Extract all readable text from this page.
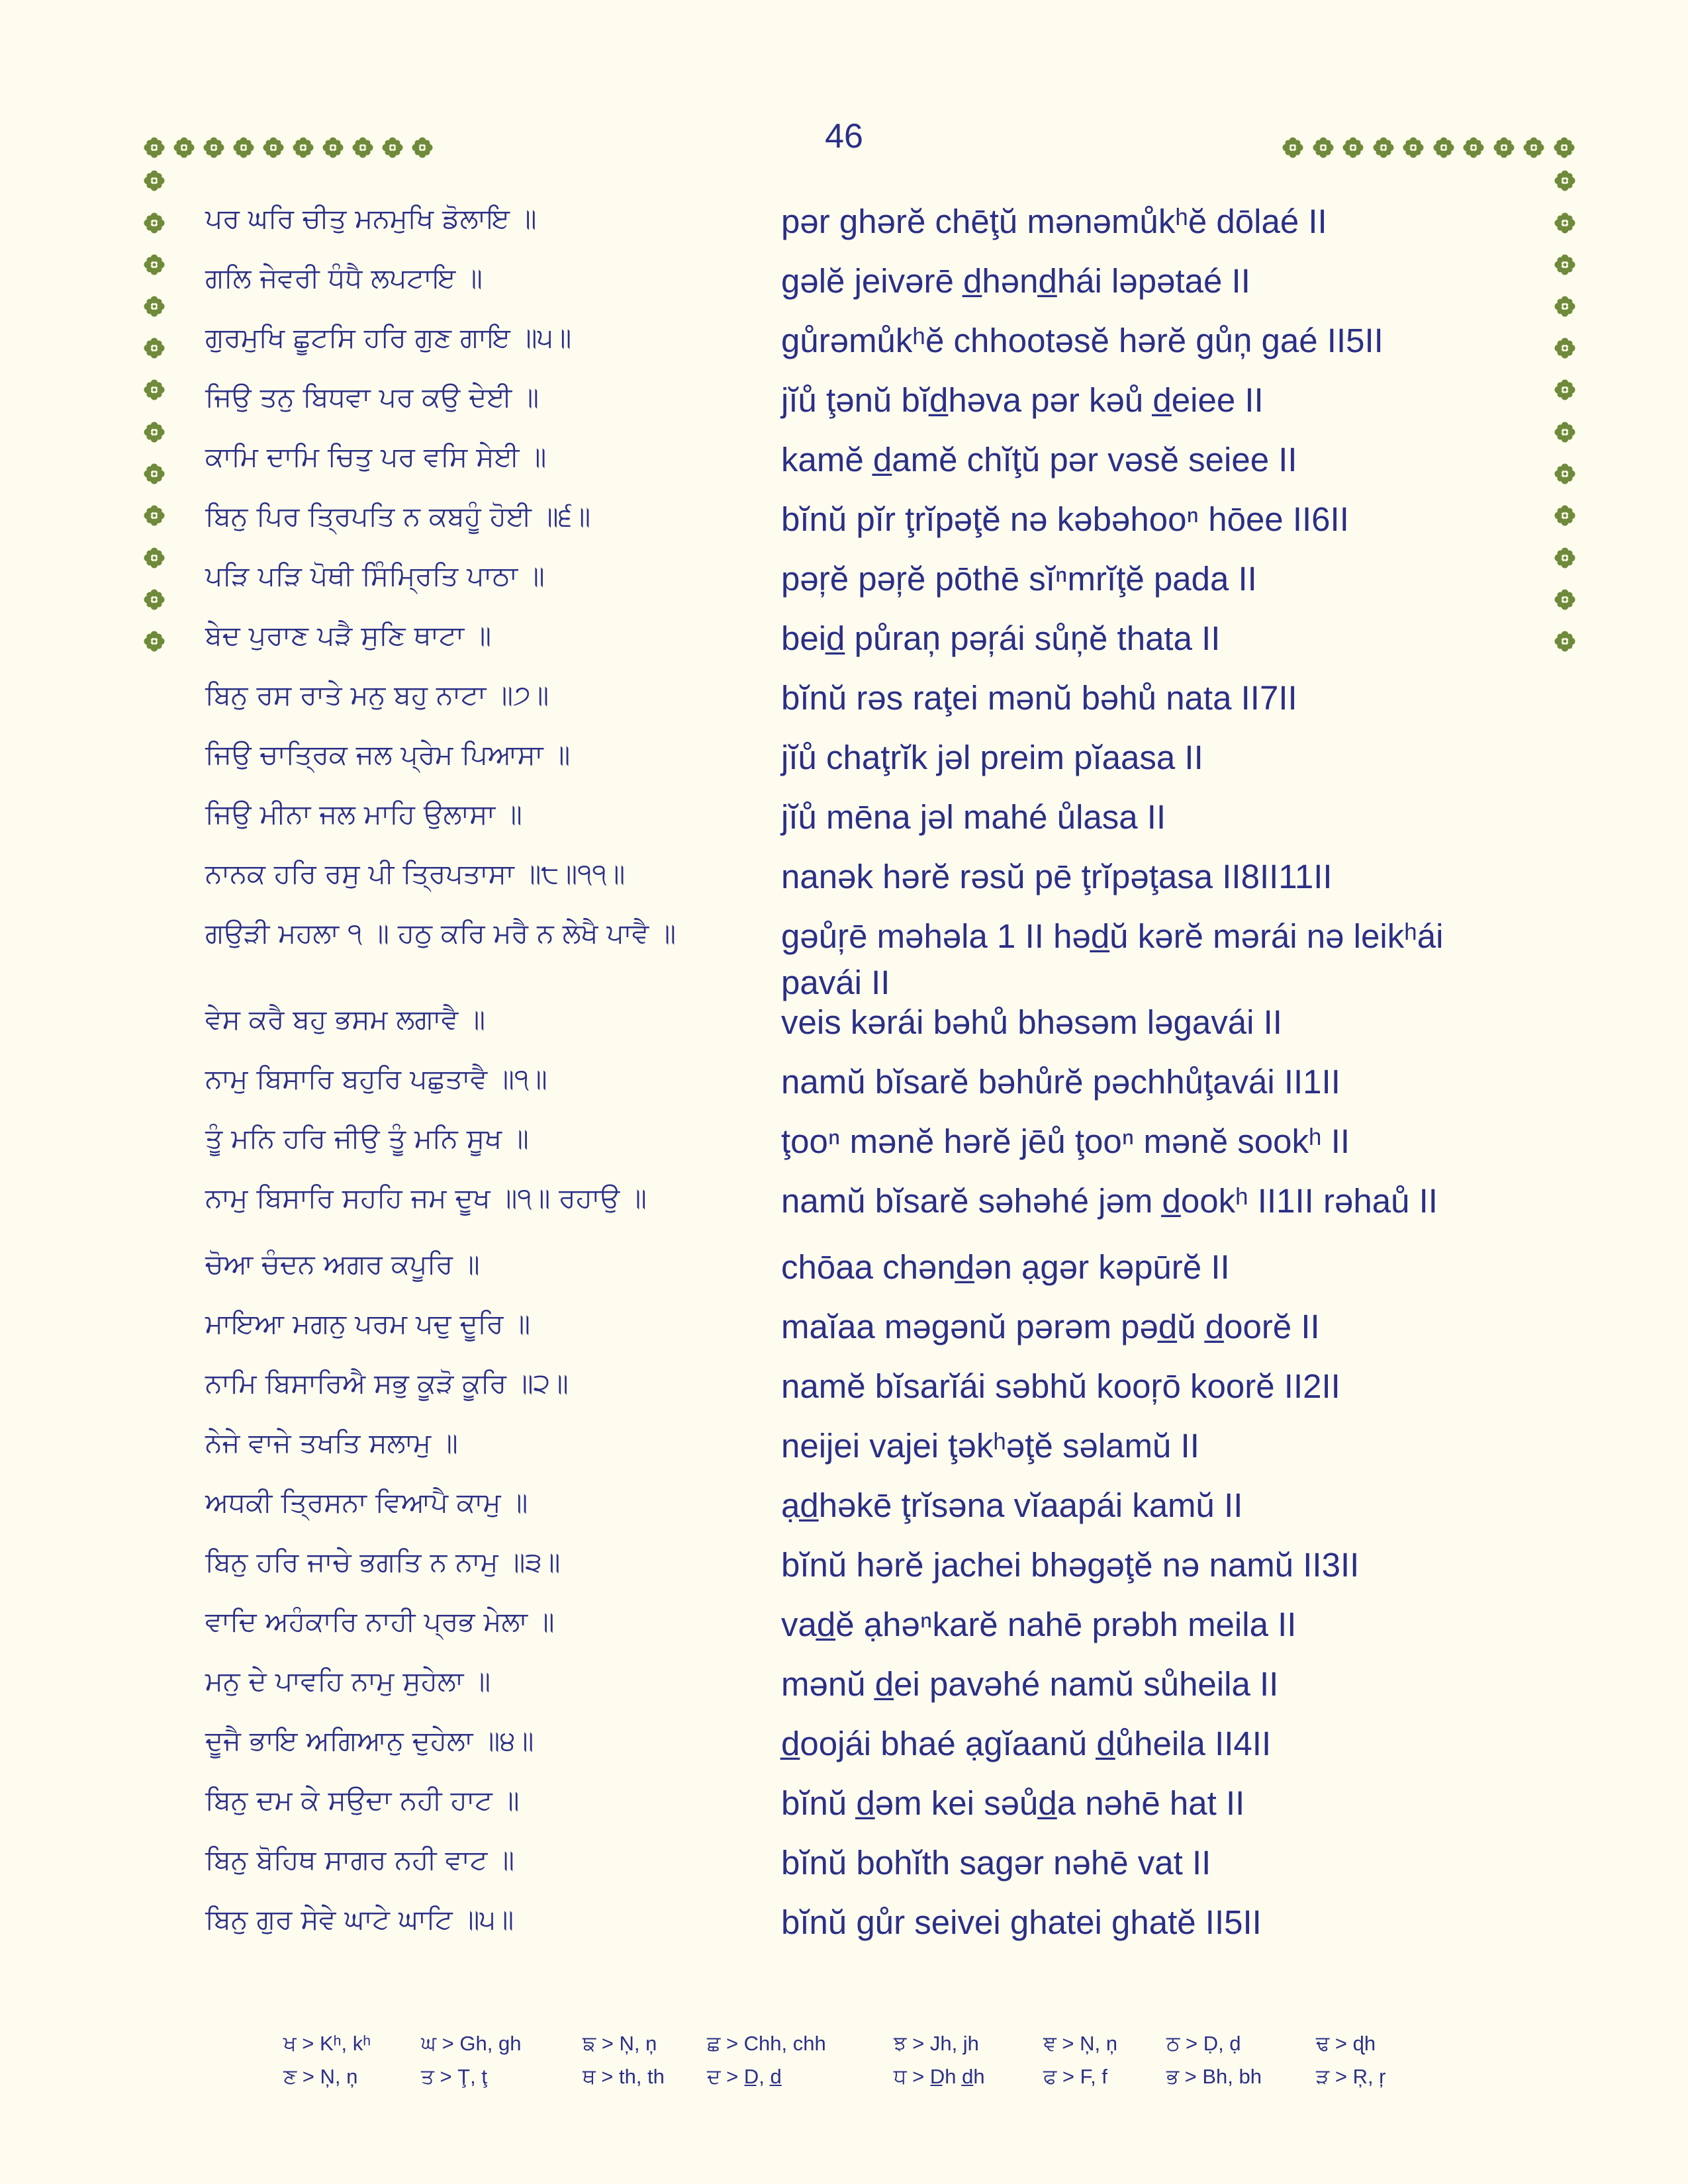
46
ਪਰ ਘਰਿ ਚੀਤੁ ਮਨਮੁਖਿ ਡੋਲਾਇ ॥	pər ghərĕ chēţŭ mənəmůkʰĕ dōlаé II
ਗਲਿ ਜੇਵਰੀ ਧੰਧੈ ਲਪਟਾਇ ॥	gəlĕ jeivərē d̲hənd̲hái ləpətаé II
ਗੁਰਮੁਖਿ ਛੂਟਸਿ ਹਰਿ ਗੁਣ ਗਾਇ ॥੫॥	gůrəmůkʰĕ chhootəsĕ hərĕ gůņ gаé II5II
ਜਿਉ ਤਨੁ ਬਿਧਵਾ ਪਰ ਕਉ ਦੇਈ ॥	jĭů ţənŭ bĭd̲həvа pər kəů d̲eiee II
ਕਾਮਿ ਦਾਮਿ ਚਿਤੁ ਪਰ ਵਸਿ ਸੇਈ ॥	kаmĕ d̲аmĕ chĭţŭ pər vəsĕ seiee II
ਬਿਨੁ ਪਿਰ ਤ੍ਰਿਪਤਿ ਨ ਕਬਹੂੰ ਹੋਈ ॥੬॥	bĭnŭ pĭr ţrĭpəţĕ nə kəbəhooⁿ hōee II6II
ਪੜਿ ਪੜਿ ਪੋਥੀ ਸਿੰਮ੍ਰਿਤਿ ਪਾਠਾ ॥	pəŗĕ pəŗĕ pōthē sĭⁿmrĭţĕ pаdа II
ਬੇਦ ਪੁਰਾਣ ਪੜੈ ਸੁਣਿ ਥਾਟਾ ॥	beid̲ půrаņ pəŗái sůņĕ thаtа II
ਬਿਨੁ ਰਸ ਰਾਤੇ ਮਨੁ ਬਹੁ ਨਾਟਾ ॥੭॥	bĭnŭ rəs rаţei mənŭ bəhů nаtа II7II
ਜਿਉ ਚਾਤ੍ਰਿਕ ਜਲ ਪ੍ਰੇਮ ਪਿਆਸਾ ॥	jĭů chаţrĭk jəl preim pĭаasа II
ਜਿਉ ਮੀਨਾ ਜਲ ਮਾਹਿ ਉਲਾਸਾ ॥	jĭů mēnа jəl mаhé ůlаsа II
ਨਾਨਕ ਹਰਿ ਰਸੁ ਪੀ ਤ੍ਰਿਪਤਾਸਾ ॥੮॥੧੧॥	nаnək hərĕ rəsŭ pē ţrĭpəţаsа II8II11II
ਗਉੜੀ ਮਹਲਾ ੧ ॥ ਹਠੁ ਕਰਿ ਮਰੈ ਨ ਲੇਖੈ ਪਾਵੈ ॥	gəůŗē məhəlа 1 II həd̲ŭ kərĕ mərái nə leikʰái pаvái II
ਵੇਸ ਕਰੈ ਬਹੁ ਭਸਮ ਲਗਾਵੈ ॥	veis kərái bəhů bhəsəm ləgаvái II
ਨਾਮੁ ਬਿਸਾਰਿ ਬਹੁਰਿ ਪਛੁਤਾਵੈ ॥੧॥	nаmŭ bĭsаrĕ bəhůrĕ pəchhůţаvái II1II
ਤੂੰ ਮਨਿ ਹਰਿ ਜੀਉ ਤੂੰ ਮਨਿ ਸੂਖ ॥	ţooⁿ mənĕ hərĕ jēů ţooⁿ mənĕ sookʰ II
ਨਾਮੁ ਬਿਸਾਰਿ ਸਹਹਿ ਜਮ ਦੂਖ ॥੧॥ ਰਹਾਉ ॥	nаmŭ bĭsаrĕ səhəhé jəm d̲ookʰ II1II rəhаů II
ਚੋਆ ਚੰਦਨ ਅਗਰ ਕਪੂਰਿ ॥	chōaa chənd̲ən ạgər kəpūrĕ II
ਮਾਇਆ ਮਗਨੁ ਪਰਮ ਪਦੁ ਦੂਰਿ ॥	mаĭaa məgənŭ pərəm pəd̲ŭ d̲oorĕ II
ਨਾਮਿ ਬਿਸਾਰਿਐ ਸਭੁ ਕੂੜੋ ਕੂਰਿ ॥੨॥	nаmĕ bĭsаrĭái səbhŭ kooŗō koorĕ II2II
ਨੇਜੇ ਵਾਜੇ ਤਖਤਿ ਸਲਾਮੁ ॥	neijei vаjei ţəkʰəţĕ səlаmŭ II
ਅਧਕੀ ਤ੍ਰਿਸਨਾ ਵਿਆਪੈ ਕਾਮੁ ॥	ạd̲həkē ţrĭsənа vĭaapái kаmŭ II
ਬਿਨੁ ਹਰਿ ਜਾਚੇ ਭਗਤਿ ਨ ਨਾਮੁ ॥੩॥	bĭnŭ hərĕ jаchei bhəgəţĕ nə nаmŭ II3II
ਵਾਦਿ ਅਹੰਕਾਰਿ ਨਾਹੀ ਪ੍ਰਭ ਮੇਲਾ ॥	vаd̲ĕ ạhəⁿkаrĕ nаhē prəbh meilа II
ਮਨੁ ਦੇ ਪਾਵਹਿ ਨਾਮੁ ਸੁਹੇਲਾ ॥	mənŭ d̲ei pаvəhé nаmŭ sůheilа II
ਦੂਜੈ ਭਾਇ ਅਗਿਆਨੁ ਦੁਹੇਲਾ ॥੪॥	d̲oojái bhаé ạgĭaanŭ d̲ůheilа II4II
ਬਿਨੁ ਦਮ ਕੇ ਸਉਦਾ ਨਹੀ ਹਾਟ ॥	bĭnŭ d̲əm kei səůd̲а nəhē hаt II
ਬਿਨੁ ਬੋਹਿਥ ਸਾਗਰ ਨਹੀ ਵਾਟ ॥	bĭnŭ bohĭth sаgər nəhē vаt II
ਬਿਨੁ ਗੁਰ ਸੇਵੇ ਘਾਟੇ ਘਾਟਿ ॥੫॥	bĭnŭ gůr seivei ghаtei ghаtĕ II5II
ਖ > Kʰ, kʰ ਘ > Gh, gh	ਙ > Ņ, ņ ਛ > Chh, chh	ਝ > Jh, jh	ਞ > Ņ, ņ ਠ > Ḍ, ḍ	ਢ > ɖh
ਣ > Ņ, ņ	ਤ > Ţ, ţ	ਥ > th, th ਦ > D̲, d̲	ਧ > D̲h d̲h	ਫ > F, f	ਭ > Bh, bh	ੜ > Ŗ, ŗ
